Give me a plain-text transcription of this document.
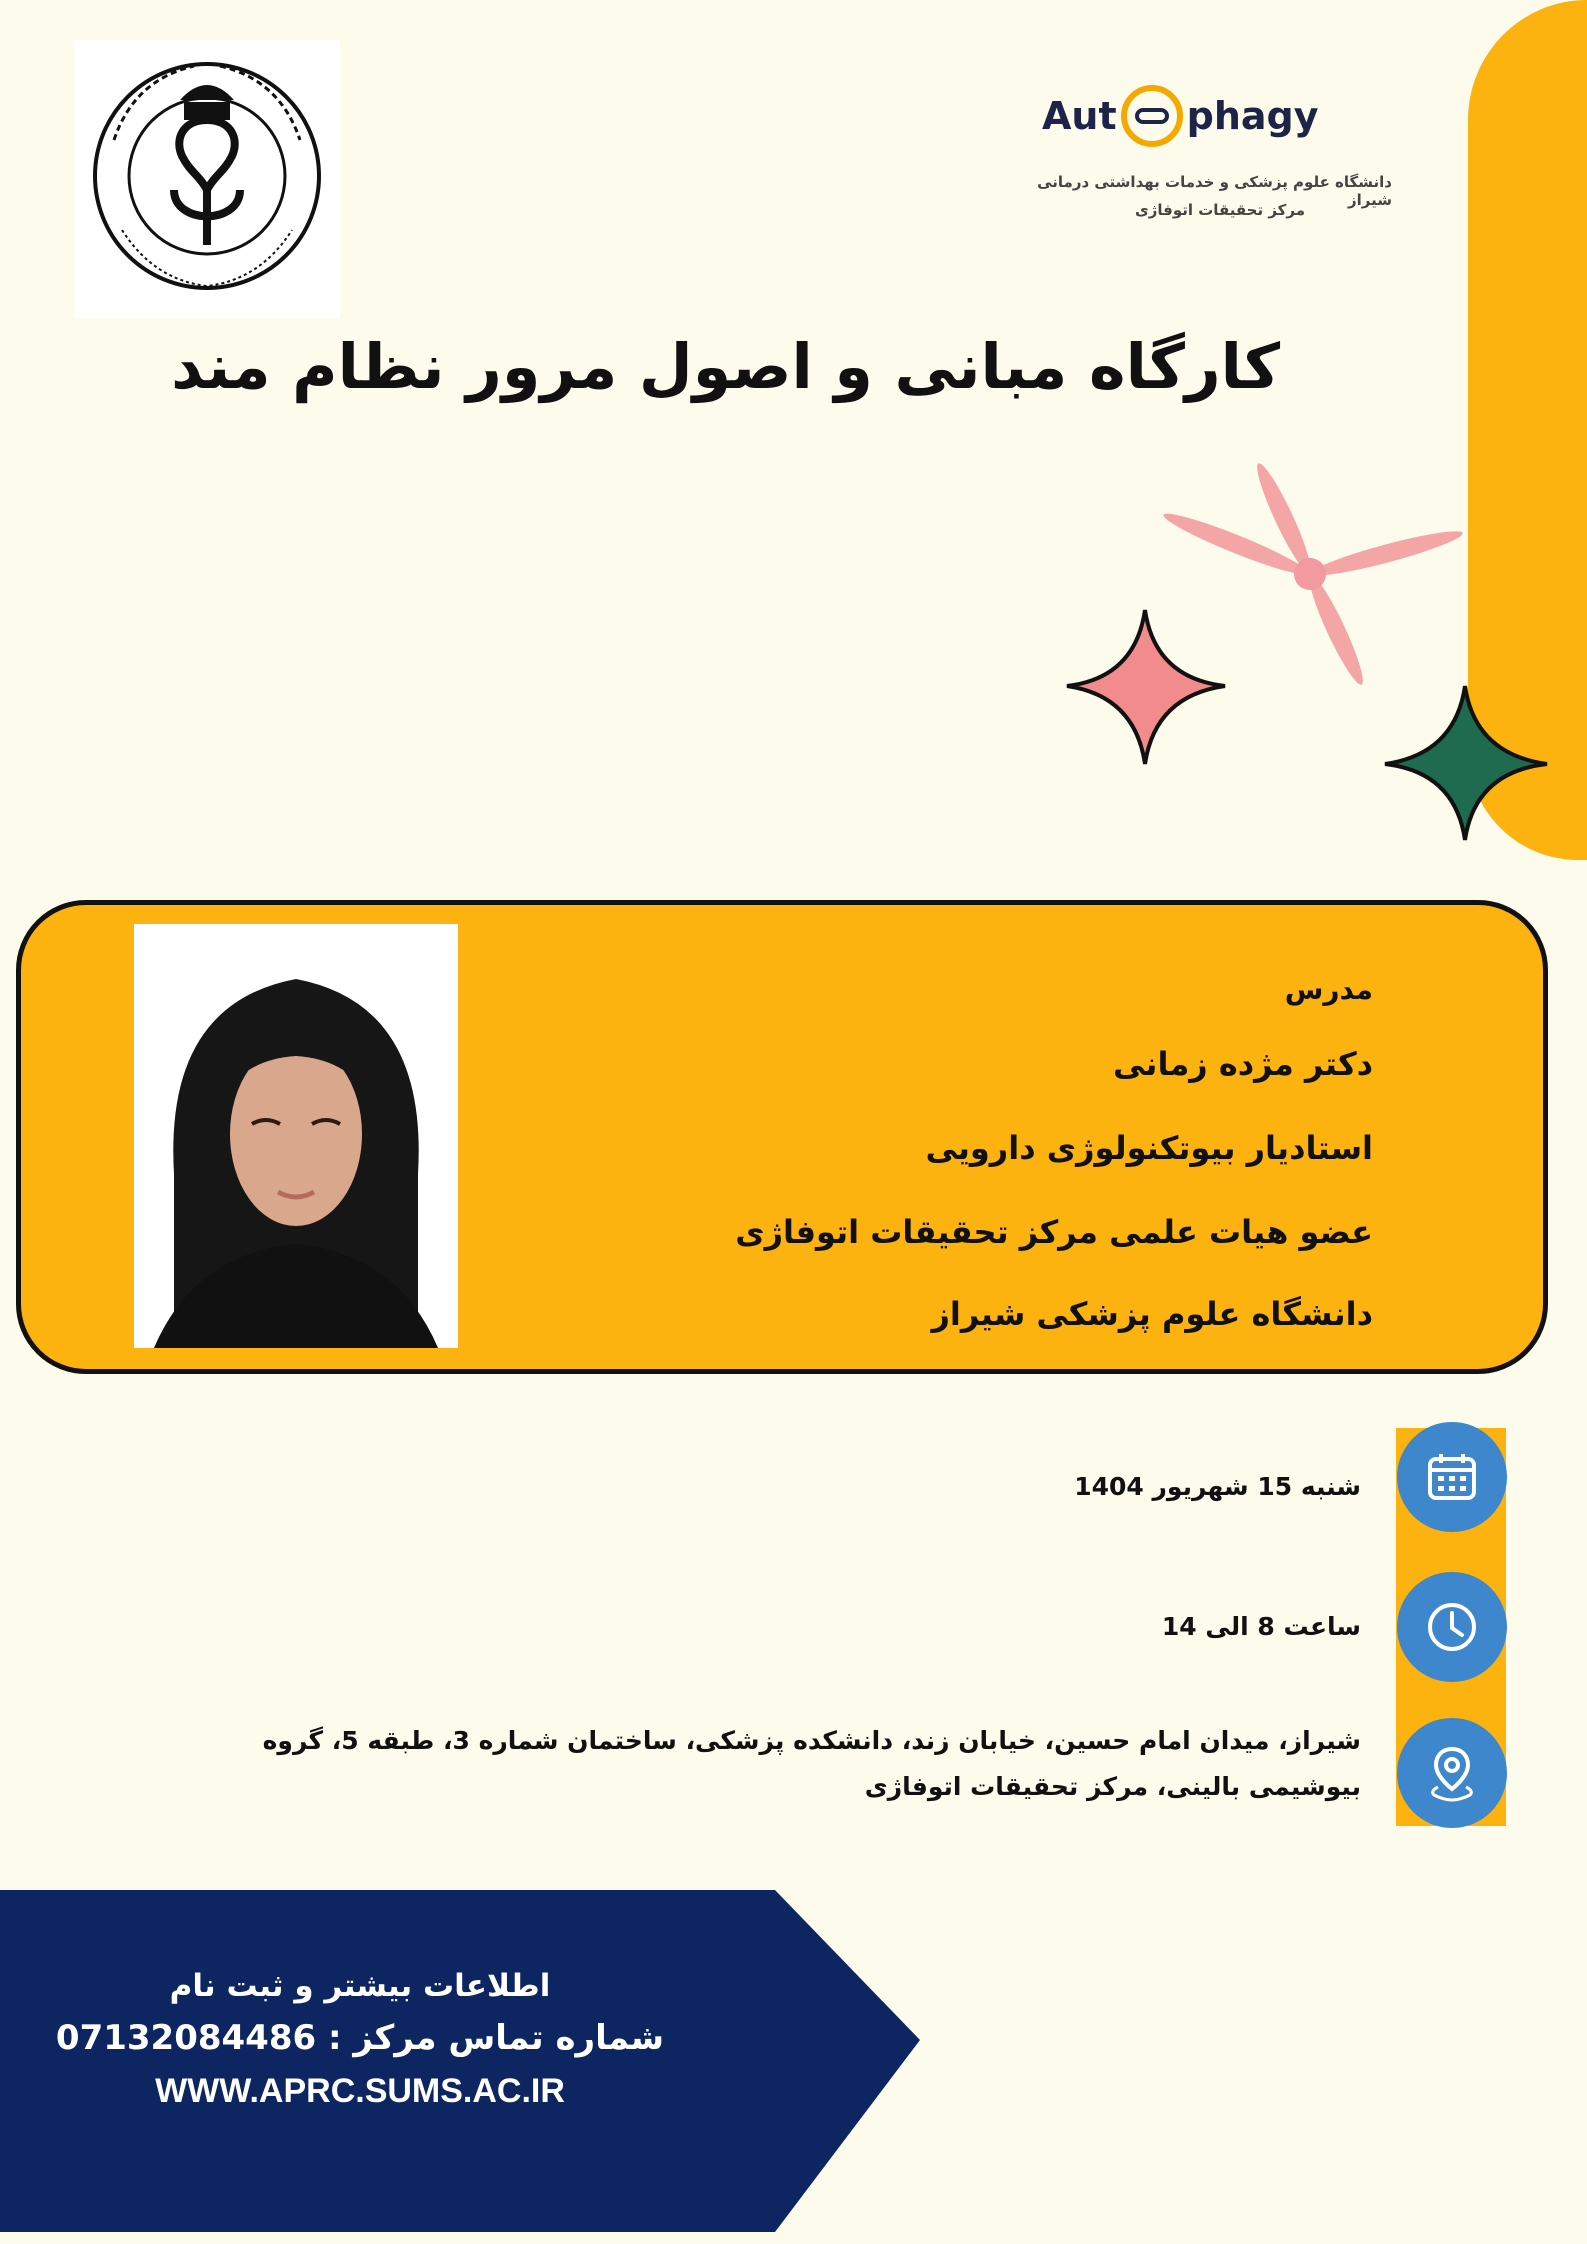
Aut phagy
دانشگاه علوم پزشکی و خدمات بهداشتی درمانی شیراز
مرکز تحقیقات اتوفاژی
کارگاه مبانی و اصول مرور نظام مند
مدرس
دکتر مژده زمانی
استادیار بیوتکنولوژی دارویی
عضو هیات علمی مرکز تحقیقات اتوفاژی
دانشگاه علوم پزشکی شیراز
شنبه 15 شهریور 1404
ساعت 8 الی 14
شیراز، میدان امام حسین، خیابان زند، دانشکده پزشکی، ساختمان شماره 3، طبقه 5، گروه
بیوشیمی بالینی، مرکز تحقیقات اتوفاژی
اطلاعات بیشتر و ثبت نام
شماره تماس مرکز : 07132084486
WWW.APRC.SUMS.AC.IR
